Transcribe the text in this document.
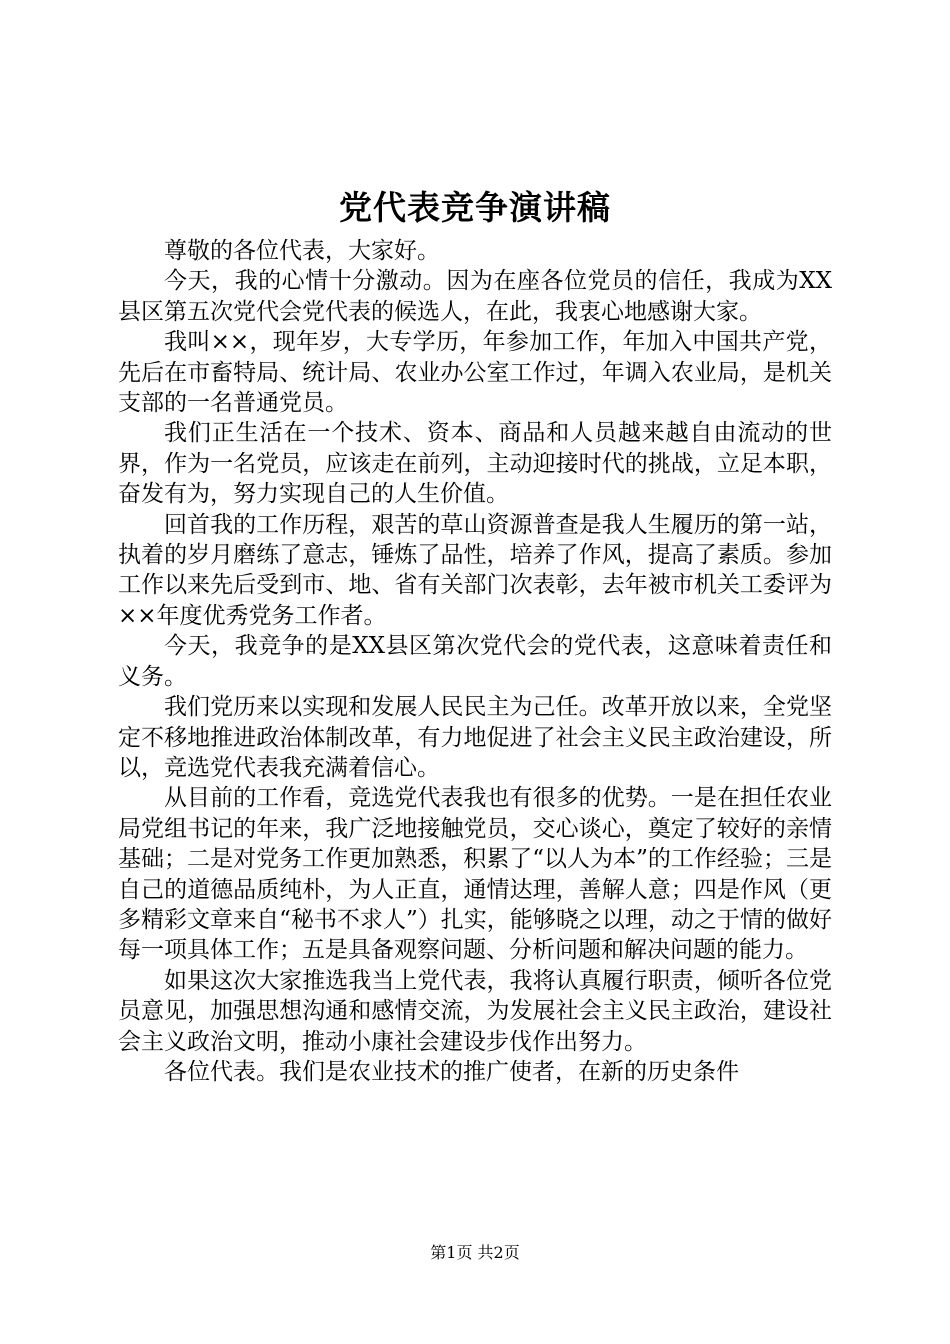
党代表竞争演讲稿

尊敬的各位代表，大家好。

今天，我的心情十分激动。因为在座各位党员的信任，我成为XX县区第五次党代会党代表的候选人，在此，我衷心地感谢大家。

我叫××，现年岁，大专学历，年参加工作，年加入中国共产党，先后在市畜特局、统计局、农业办公室工作过，年调入农业局，是机关支部的一名普通党员。

我们正生活在一个技术、资本、商品和人员越来越自由流动的世界，作为一名党员，应该走在前列，主动迎接时代的挑战，立足本职，奋发有为，努力实现自己的人生价值。

回首我的工作历程，艰苦的草山资源普查是我人生履历的第一站，执着的岁月磨练了意志，锤炼了品性，培养了作风，提高了素质。参加工作以来先后受到市、地、省有关部门次表彰，去年被市机关工委评为××年度优秀党务工作者。

今天，我竞争的是XX县区第次党代会的党代表，这意味着责任和义务。

我们党历来以实现和发展人民民主为己任。改革开放以来，全党坚定不移地推进政治体制改革，有力地促进了社会主义民主政治建设，所以，竞选党代表我充满着信心。

从目前的工作看，竞选党代表我也有很多的优势。一是在担任农业局党组书记的年来，我广泛地接触党员，交心谈心，奠定了较好的亲情基础；二是对党务工作更加熟悉，积累了“以人为本”的工作经验；三是自己的道德品质纯朴，为人正直，通情达理，善解人意；四是作风（更多精彩文章来自“秘书不求人”）扎实，能够晓之以理，动之于情的做好每一项具体工作；五是具备观察问题、分析问题和解决问题的能力。

如果这次大家推选我当上党代表，我将认真履行职责，倾听各位党员意见，加强思想沟通和感情交流，为发展社会主义民主政治，建设社会主义政治文明，推动小康社会建设步伐作出努力。

各位代表。我们是农业技术的推广使者，在新的历史条件

第1页 共2页
